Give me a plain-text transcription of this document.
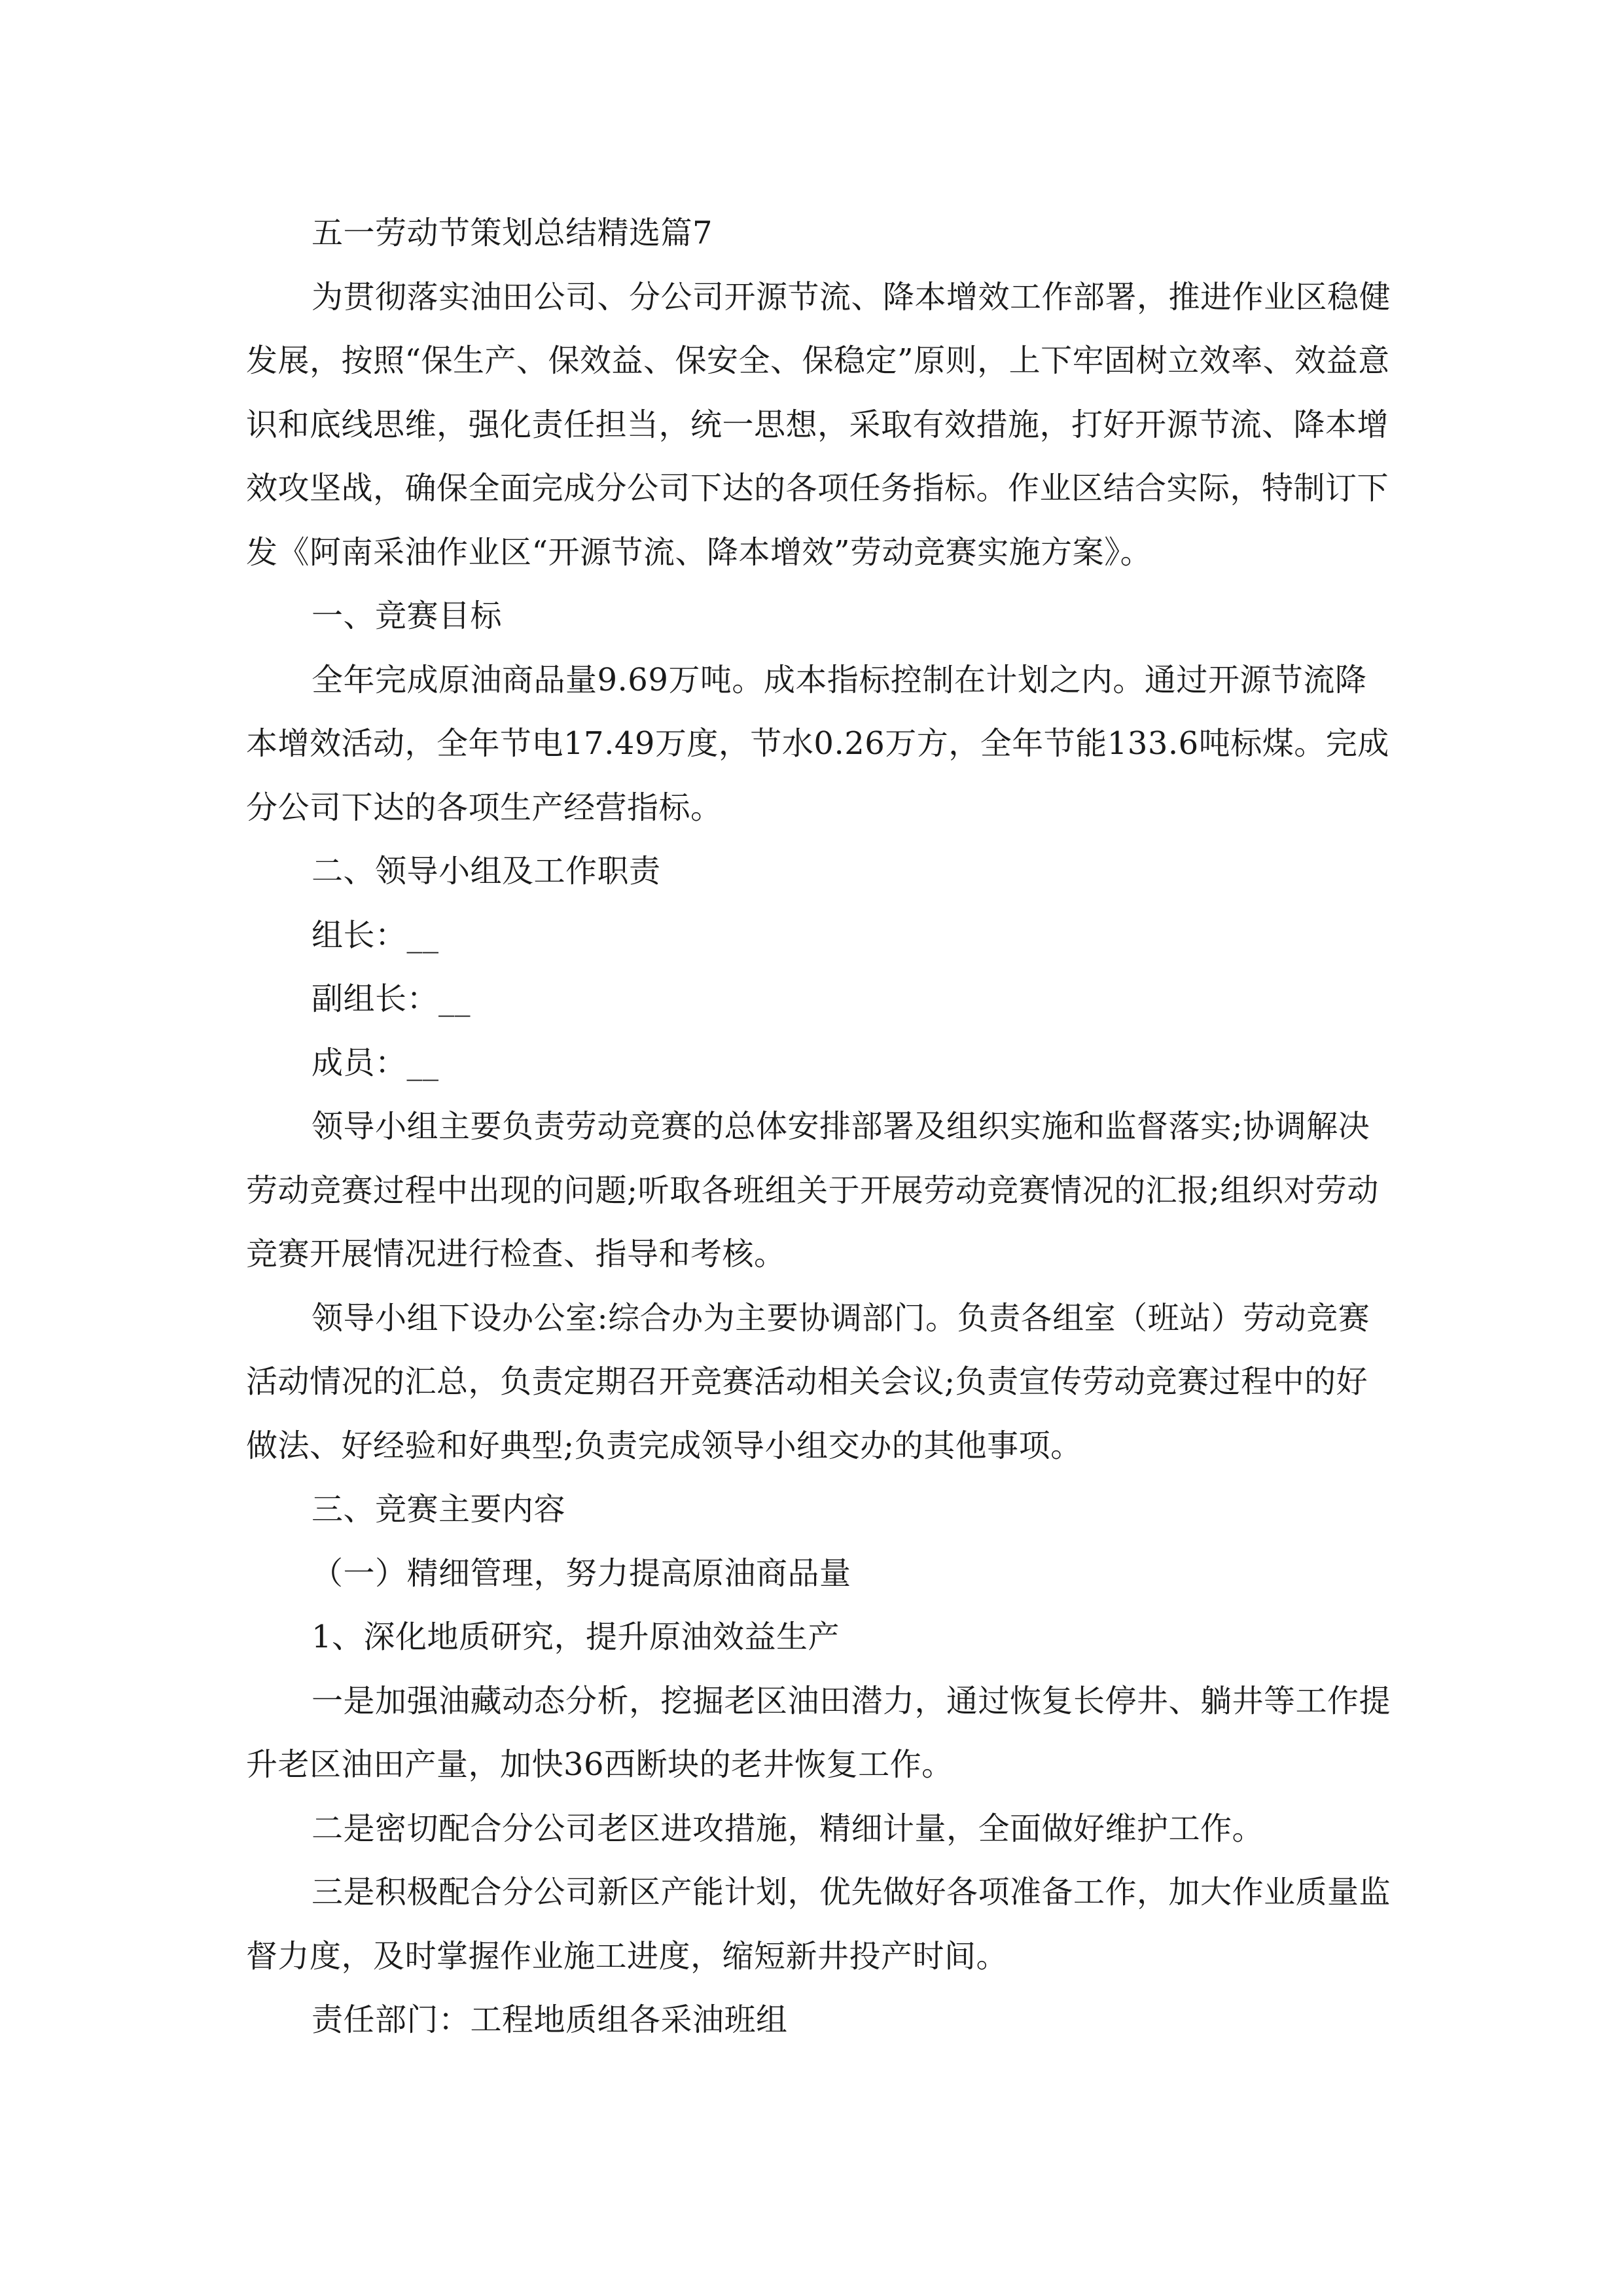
五一劳动节策划总结精选篇7

为贯彻落实油田公司、分公司开源节流、降本增效工作部署，推进作业区稳健发展，按照“保生产、保效益、保安全、保稳定”原则，上下牢固树立效率、效益意识和底线思维，强化责任担当，统一思想，采取有效措施，打好开源节流、降本增效攻坚战，确保全面完成分公司下达的各项任务指标。作业区结合实际，特制订下发《阿南采油作业区“开源节流、降本增效”劳动竞赛实施方案》。

一、竞赛目标

全年完成原油商品量9.69万吨。成本指标控制在计划之内。通过开源节流降本增效活动，全年节电17.49万度，节水0.26万方，全年节能133.6吨标煤。完成分公司下达的各项生产经营指标。

二、领导小组及工作职责

组长：__

副组长：__

成员：__

领导小组主要负责劳动竞赛的总体安排部署及组织实施和监督落实;协调解决劳动竞赛过程中出现的问题;听取各班组关于开展劳动竞赛情况的汇报;组织对劳动竞赛开展情况进行检查、指导和考核。

领导小组下设办公室:综合办为主要协调部门。负责各组室（班站）劳动竞赛活动情况的汇总，负责定期召开竞赛活动相关会议;负责宣传劳动竞赛过程中的好做法、好经验和好典型;负责完成领导小组交办的其他事项。

三、竞赛主要内容

（一）精细管理，努力提高原油商品量

1、深化地质研究，提升原油效益生产

一是加强油藏动态分析，挖掘老区油田潜力，通过恢复长停井、躺井等工作提升老区油田产量，加快36西断块的老井恢复工作。

二是密切配合分公司老区进攻措施，精细计量，全面做好维护工作。

三是积极配合分公司新区产能计划，优先做好各项准备工作，加大作业质量监督力度，及时掌握作业施工进度，缩短新井投产时间。

责任部门：工程地质组各采油班组
